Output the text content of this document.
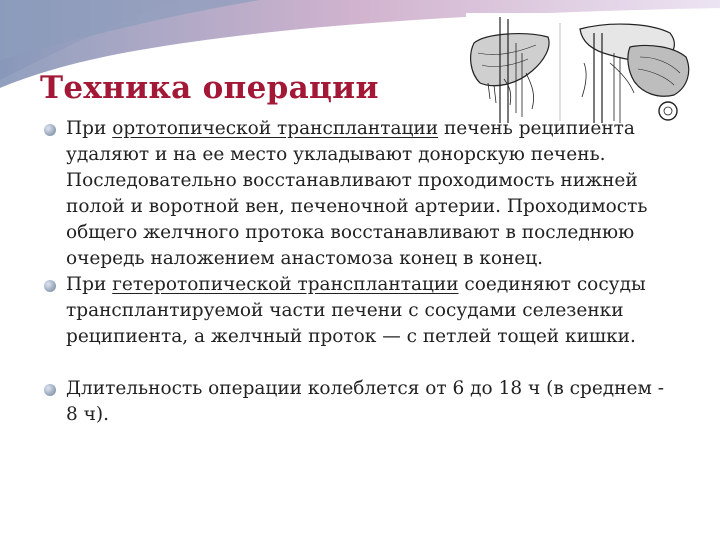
Техника операции
При ортотопической трансплантации печень реципиента удаляют и на ее место укладывают донорскую печень. Последовательно восстанавливают проходимость нижней полой и воротной вен, печеночной артерии. Проходимость общего желчного протока восстанавливают в последнюю очередь наложением анастомоза конец в конец.
При гетеротопической трансплантации соединяют сосуды трансплантируемой части печени с сосудами селезенки реципиента, а желчный проток — с петлей тощей кишки.
Длительность операции колеблется от 6 до 18 ч (в среднем - 8 ч).
